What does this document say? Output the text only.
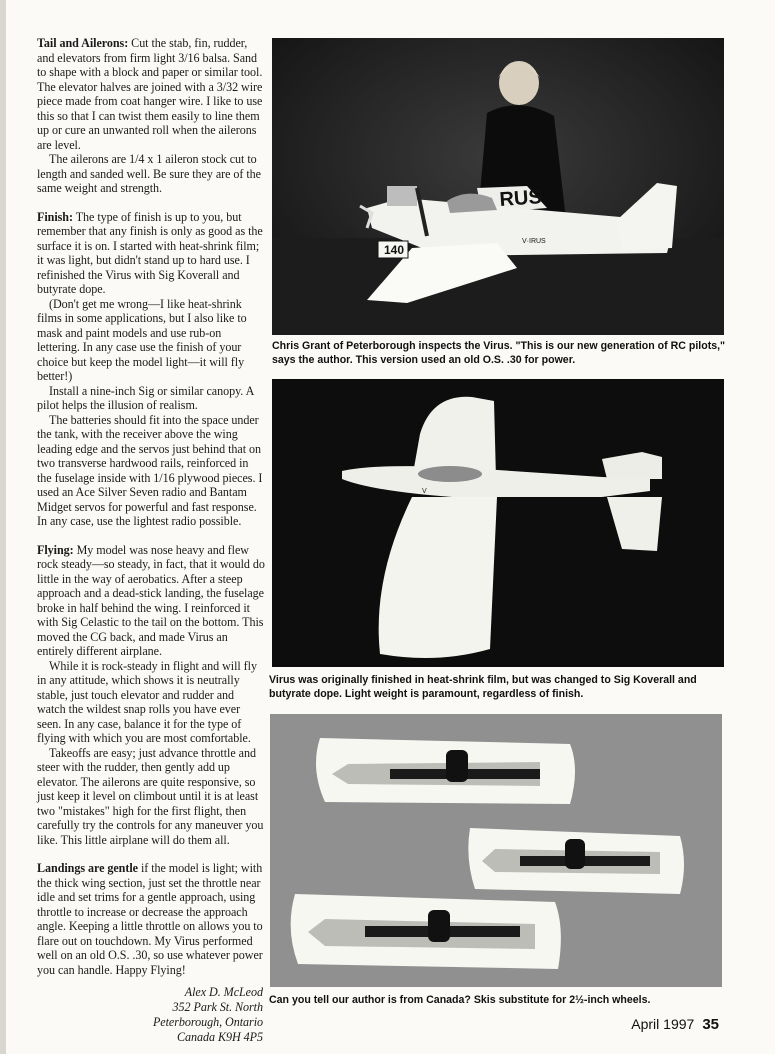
Tail and Ailerons: Cut the stab, fin, rudder, and elevators from firm light 3/16 balsa. Sand to shape with a block and paper or similar tool. The elevator halves are joined with a 3/32 wire piece made from coat hanger wire. I like to use this so that I can twist them easily to line them up or cure an unwanted roll when the ailerons are level.

The ailerons are 1/4 x 1 aileron stock cut to length and sanded well. Be sure they are of the same weight and strength.

Finish: The type of finish is up to you, but remember that any finish is only as good as the surface it is on. I started with heat-shrink film; it was light, but didn't stand up to hard use. I refinished the Virus with Sig Koverall and butyrate dope.

(Don't get me wrong—I like heat-shrink films in some applications, but I also like to mask and paint models and use rub-on lettering. In any case use the finish of your choice but keep the model light—it will fly better!)

Install a nine-inch Sig or similar canopy. A pilot helps the illusion of realism.

The batteries should fit into the space under the tank, with the receiver above the wing leading edge and the servos just behind that on two transverse hardwood rails, reinforced in the fuselage inside with 1/16 plywood pieces. I used an Ace Silver Seven radio and Bantam Midget servos for powerful and fast response. In any case, use the lightest radio possible.

Flying: My model was nose heavy and flew rock steady—so steady, in fact, that it would do little in the way of aerobatics. After a steep approach and a dead-stick landing, the fuselage broke in half behind the wing. I reinforced it with Sig Celastic to the tail on the bottom. This moved the CG back, and made Virus an entirely different airplane.

While it is rock-steady in flight and will fly in any attitude, which shows it is neutrally stable, just touch elevator and rudder and watch the wildest snap rolls you have ever seen. In any case, balance it for the type of flying with which you are most comfortable.

Takeoffs are easy; just advance throttle and steer with the rudder, then gently add up elevator. The ailerons are quite responsive, so just keep it level on climbout until it is at least two "mistakes" high for the first flight, then carefully try the controls for any maneuver you like. This little airplane will do them all.

Landings are gentle if the model is light; with the thick wing section, just set the throttle near idle and set trims for a gentle approach, using throttle to increase or decrease the approach angle. Keeping a little throttle on allows you to flare out on touchdown. My Virus performed well on an old O.S. .30, so use whatever power you can handle. Happy Flying!

Alex D. McLeod
352 Park St. North
Peterborough, Ontario
Canada K9H 4P5
RUS
V·IRUS
140
Chris Grant of Peterborough inspects the Virus. "This is our new generation of RC pilots," says the author. This version used an old O.S. .30 for power.
V
Virus was originally finished in heat-shrink film, but was changed to Sig Koverall and butyrate dope. Light weight is paramount, regardless of finish.
Can you tell our author is from Canada? Skis substitute for 2½-inch wheels.
April 1997 35
